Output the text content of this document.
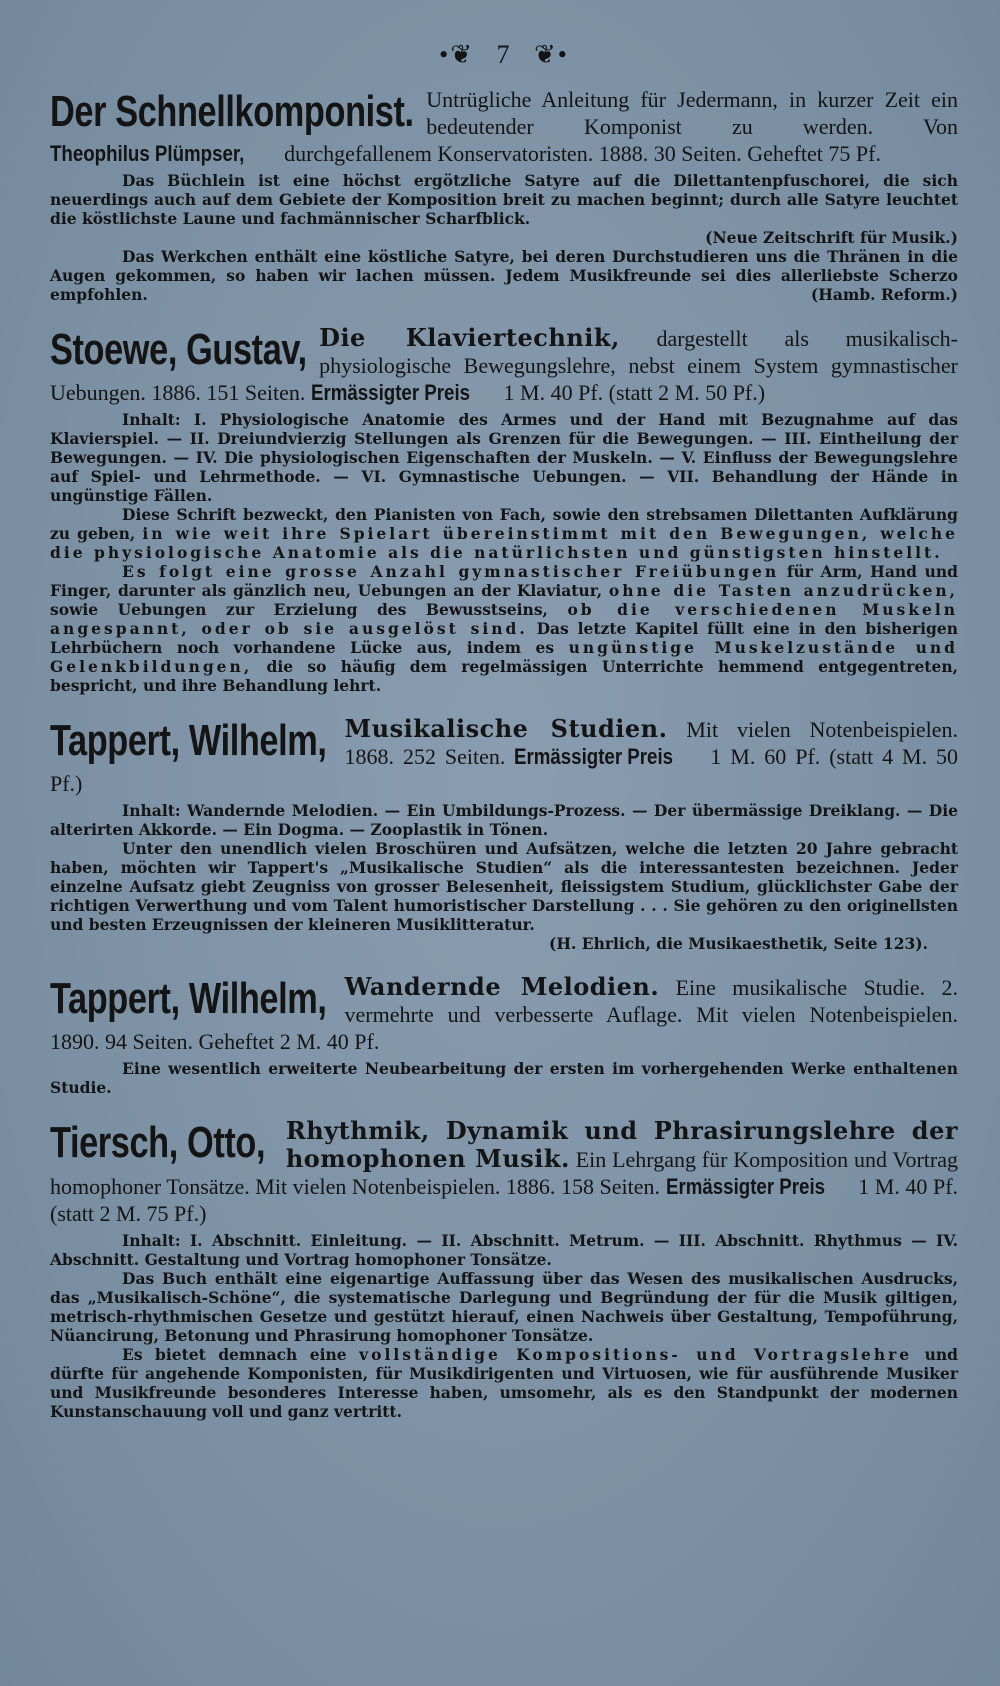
•❦ 7 ❦•
Der Schnellkomponist. Untrügliche Anleitung für Jedermann, in kurzer Zeit ein bedeutender Komponist zu werden. Von Theophilus Plümpser, durchgefallenem Konservatoristen. 1888. 30 Seiten. Geheftet 75 Pf.

Das Büchlein ist eine höchst ergötzliche Satyre auf die Dilettantenpfuschorei, die sich neuerdings auch auf dem Gebiete der Komposition breit zu machen beginnt; durch alle Satyre leuchtet die köstlichste Laune und fachmännischer Scharfblick.

(Neue Zeitschrift für Musik.)

Das Werkchen enthält eine köstliche Satyre, bei deren Durchstudieren uns die Thränen in die Augen gekommen, so haben wir lachen müssen. Jedem Musikfreunde sei dies allerliebste Scherzo empfohlen.	(Hamb. Reform.)

Stoewe, Gustav, Die Klaviertechnik, dargestellt als musikalisch-physiologische Bewegungslehre, nebst einem System gymnastischer Uebungen. 1886. 151 Seiten. Ermässigter Preis 1 M. 40 Pf. (statt 2 M. 50 Pf.)

Inhalt: I. Physiologische Anatomie des Armes und der Hand mit Bezugnahme auf das Klavierspiel. — II. Dreiundvierzig Stellungen als Grenzen für die Bewegungen. — III. Eintheilung der Bewegungen. — IV. Die physiologischen Eigenschaften der Muskeln. — V. Einfluss der Bewegungslehre auf Spiel- und Lehrmethode. — VI. Gymnastische Uebungen. — VII. Behandlung der Hände in ungünstige Fällen.

Diese Schrift bezweckt, den Pianisten von Fach, sowie den strebsamen Dilettanten Aufklärung zu geben, in wie weit ihre Spielart übereinstimmt mit den Bewegungen, welche die physiologische Anatomie als die natürlichsten und günstigsten hinstellt.

Es folgt eine grosse Anzahl gymnastischer Freiübungen für Arm, Hand und Finger, darunter als gänzlich neu, Uebungen an der Klaviatur, ohne die Tasten anzudrücken, sowie Uebungen zur Erzielung des Bewusstseins, ob die verschiedenen Muskeln angespannt, oder ob sie ausgelöst sind. Das letzte Kapitel füllt eine in den bisherigen Lehrbüchern noch vorhandene Lücke aus, indem es ungünstige Muskelzustände und Gelenkbildungen, die so häufig dem regelmässigen Unterrichte hemmend entgegentreten, bespricht, und ihre Behandlung lehrt.

Tappert, Wilhelm, Musikalische Studien. Mit vielen Notenbeispielen. 1868. 252 Seiten. Ermässigter Preis 1 M. 60 Pf. (statt 4 M. 50 Pf.)

Inhalt: Wandernde Melodien. — Ein Umbildungs-Prozess. — Der übermässige Dreiklang. — Die alterirten Akkorde. — Ein Dogma. — Zooplastik in Tönen.

Unter den unendlich vielen Broschüren und Aufsätzen, welche die letzten 20 Jahre gebracht haben, möchten wir Tappert's „Musikalische Studien“ als die interessantesten bezeichnen. Jeder einzelne Aufsatz giebt Zeugniss von grosser Belesenheit, fleissigstem Studium, glücklichster Gabe der richtigen Verwerthung und vom Talent humoristischer Darstellung . . . Sie gehören zu den originellsten und besten Erzeugnissen der kleineren Musiklitteratur.

(H. Ehrlich, die Musikaesthetik, Seite 123).
Tappert, Wilhelm, Wandernde Melodien. Eine musikalische Studie. 2. vermehrte und verbesserte Auflage. Mit vielen Notenbeispielen. 1890. 94 Seiten. Geheftet 2 M. 40 Pf.

Eine wesentlich erweiterte Neubearbeitung der ersten im vorhergehenden Werke enthaltenen Studie.

Tiersch, Otto, Rhythmik, Dynamik und Phrasirungslehre der homophonen Musik. Ein Lehrgang für Komposition und Vortrag homophoner Tonsätze. Mit vielen Notenbeispielen. 1886. 158 Seiten. Ermässigter Preis 1 M. 40 Pf. (statt 2 M. 75 Pf.)

Inhalt: I. Abschnitt. Einleitung. — II. Abschnitt. Metrum. — III. Abschnitt. Rhythmus — IV. Abschnitt. Gestaltung und Vortrag homophoner Tonsätze.

Das Buch enthält eine eigenartige Auffassung über das Wesen des musikalischen Ausdrucks, das „Musikalisch-Schöne“, die systematische Darlegung und Begründung der für die Musik giltigen, metrisch-rhythmischen Gesetze und gestützt hierauf, einen Nachweis über Gestaltung, Tempoführung, Nüancirung, Betonung und Phrasirung homophoner Tonsätze.

Es bietet demnach eine vollständige Kompositions- und Vortragslehre und dürfte für angehende Komponisten, für Musikdirigenten und Virtuosen, wie für ausführende Musiker und Musikfreunde besonderes Interesse haben, umsomehr, als es den Standpunkt der modernen Kunstanschauung voll und ganz vertritt.
